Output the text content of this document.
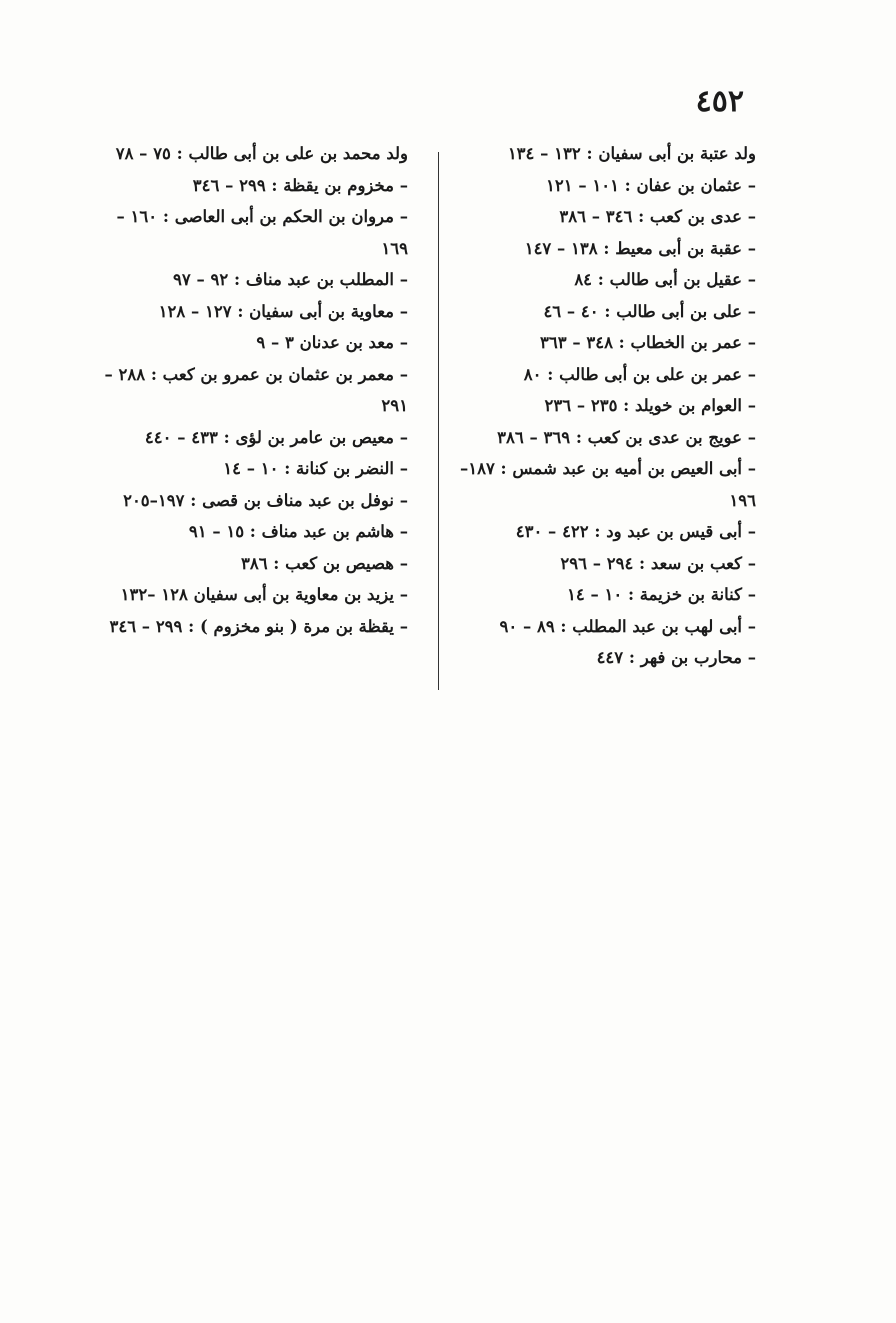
٤٥٢
ولد عتبة بن أبى سفيان : ١٣٢ – ١٣٤
– عثمان بن عفان : ١٠١ – ١٢١
– عدى بن كعب : ٣٤٦ – ٣٨٦
– عقبة بن أبى معيط : ١٣٨ – ١٤٧
– عقيل بن أبى طالب : ٨٤
– على بن أبى طالب : ٤٠ – ٤٦
– عمر بن الخطاب : ٣٤٨ – ٣٦٣
– عمر بن على بن أبى طالب : ٨٠
– العوام بن خويلد : ٢٣٥ – ٢٣٦
– عويج بن عدى بن كعب : ٣٦٩ – ٣٨٦
– أبى العيص بن أميه بن عبد شمس : ١٨٧– ١٩٦
– أبى قيس بن عبد ود : ٤٢٢ – ٤٣٠
– كعب بن سعد : ٢٩٤ – ٢٩٦
– كنانة بن خزيمة : ١٠ – ١٤
– أبى لهب بن عبد المطلب : ٨٩ – ٩٠
– محارب بن فهر : ٤٤٧
ولد محمد بن على بن أبى طالب : ٧٥ – ٧٨
– مخزوم بن يقظة : ٢٩٩ – ٣٤٦
– مروان بن الحكم بن أبى العاصى : ١٦٠ – ١٦٩
– المطلب بن عبد مناف : ٩٢ – ٩٧
– معاوية بن أبى سفيان : ١٢٧ – ١٢٨
– معد بن عدنان ٣ – ٩
– معمر بن عثمان بن عمرو بن كعب : ٢٨٨ – ٢٩١
– معيص بن عامر بن لؤى : ٤٣٣ – ٤٤٠
– النضر بن كنانة : ١٠ – ١٤
– نوفل بن عبد مناف بن قصى : ١٩٧–٢٠٥
– هاشم بن عبد مناف : ١٥ – ٩١
– هصيص بن كعب : ٣٨٦
– يزيد بن معاوية بن أبى سفيان ١٢٨ –١٣٢
– يقظة بن مرة ( بنو مخزوم ) : ٢٩٩ – ٣٤٦
